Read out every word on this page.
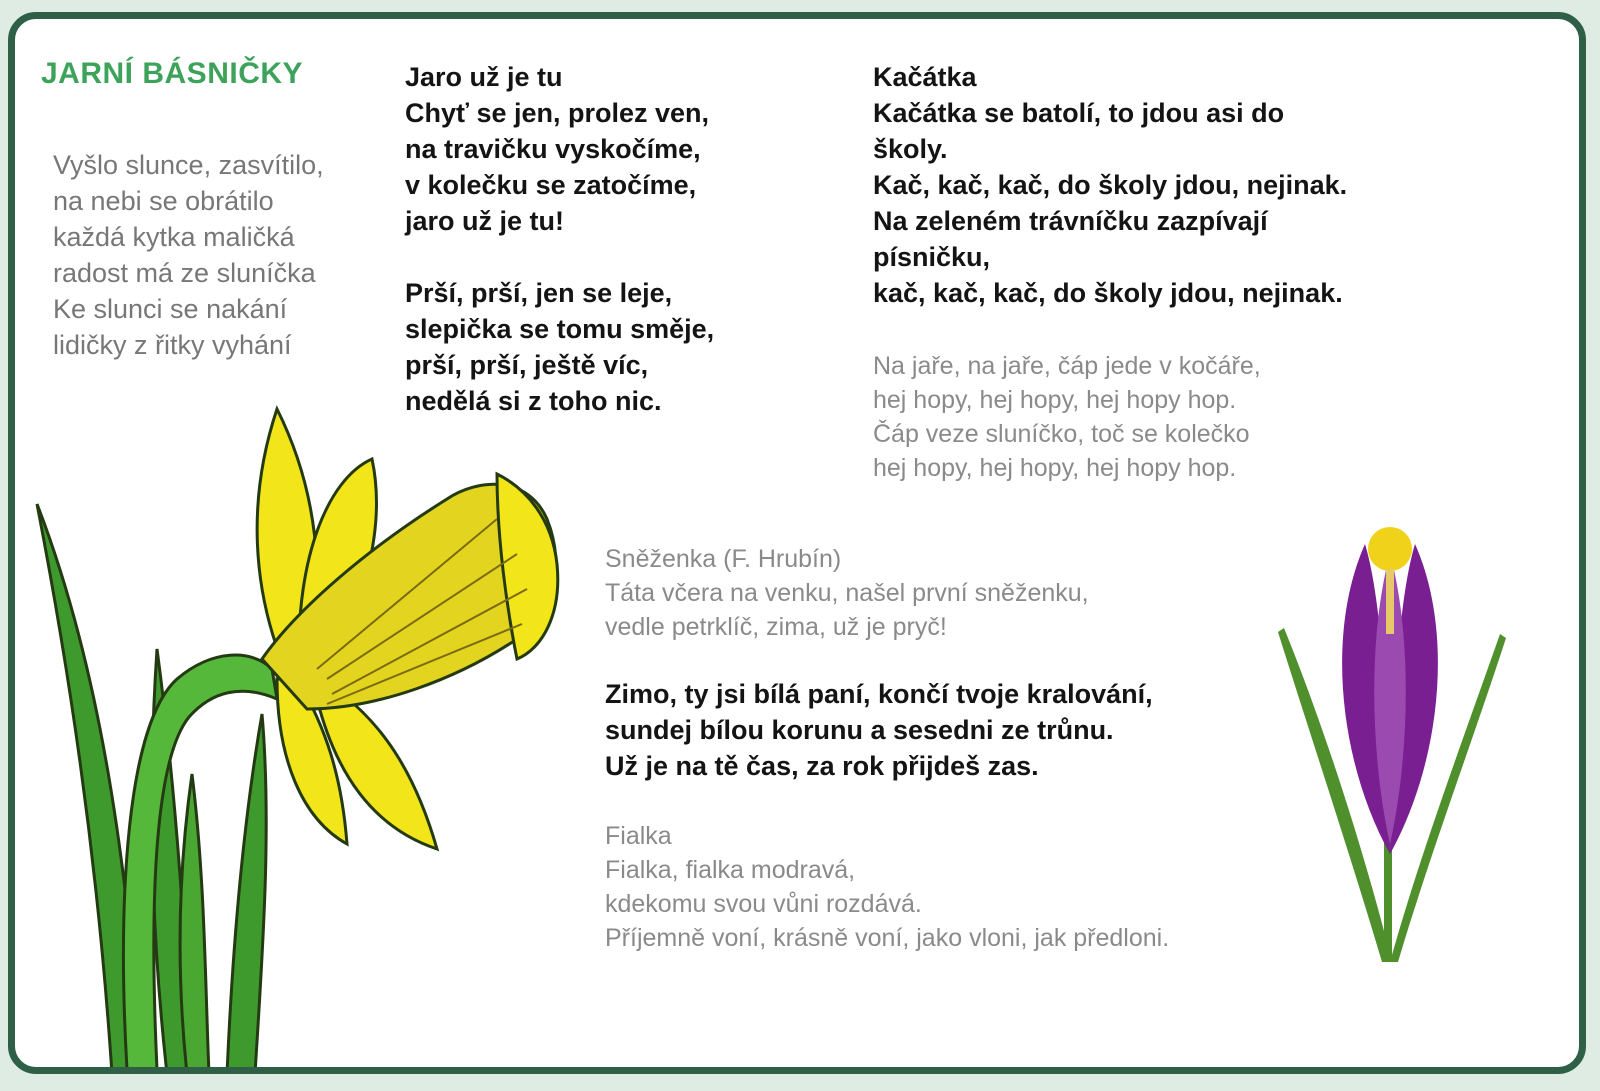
JARNÍ BÁSNIČKY
Vyšlo slunce, zasvítilo,
na nebi se obrátilo
každá kytka maličká
radost má ze sluníčka
Ke slunci se nakání
lidičky z řitky vyhání
Jaro už je tu
Chyť se jen, prolez ven,
na travičku vyskočíme,
v kolečku se zatočíme,
jaro už je tu!
Prší, prší, jen se leje,
slepička se tomu směje,
prší, prší, ještě víc,
nedělá si z toho nic.
Kačátka
Kačátka se batolí, to jdou asi do
školy.
Kač, kač, kač, do školy jdou, nejinak.
Na zeleném trávníčku zazpívají
písničku,
kač, kač, kač, do školy jdou, nejinak.
Na jaře, na jaře, čáp jede v kočáře,
hej hopy, hej hopy, hej hopy hop.
Čáp veze sluníčko, toč se kolečko
hej hopy, hej hopy, hej hopy hop.
Sněženka (F. Hrubín)
Táta včera na venku, našel první sněženku,
vedle petrklíč, zima, už je pryč!
Zimo, ty jsi bílá paní, končí tvoje kralování,
sundej bílou korunu a sesedni ze trůnu.
Už je na tě čas, za rok přijdeš zas.
Fialka
Fialka, fialka modravá,
kdekomu svou vůni rozdává.
Příjemně voní, krásně voní, jako vloni, jak předloni.
